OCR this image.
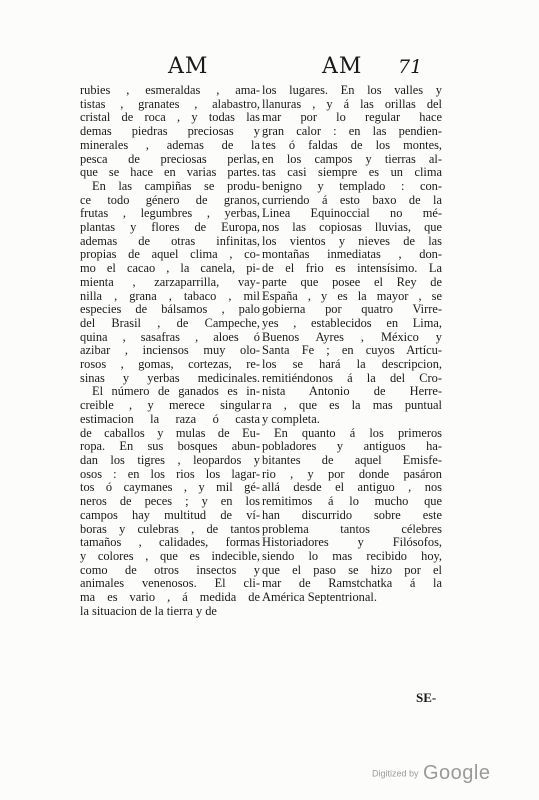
AM	AM 71
rubies , esmeraldas , ama-
tistas , granates , alabastro,
cristal de roca , y todas las
demas piedras preciosas y
minerales , ademas de la
pesca de preciosas perlas,
que se hace en varias partes.
En las campiñas se produ-
ce todo género de granos,
frutas , legumbres , yerbas,
plantas y flores de Europa,
ademas de otras infinitas,
propias de aquel clima , co-
mo el cacao , la canela, pi-
mienta , zarzaparrilla, vay-
nilla , grana , tabaco , mil
especies de bálsamos , palo
del Brasil , de Campeche,
quina , sasafras , aloes ó
azibar , inciensos muy olo-
rosos , gomas, cortezas, re-
sinas y yerbas medicinales.
El número de ganados es in-
creible , y merece singular
estimacion la raza ó casta
de caballos y mulas de Eu-
ropa. En sus bosques abun-
dan los tigres , leopardos y
osos : en los rios los lagar-
tos ó caymanes , y mil gé-
neros de peces ; y en los
campos hay multitud de ví-
boras y culebras , de tantos
tamaños , calidades, formas
y colores , que es indecible,
como de otros insectos y
animales venenosos. El cli-
ma es vario , á medida de
la situacion de la tierra y de
los lugares. En los valles y
llanuras , y á las orillas del
mar por lo regular hace
gran calor : en las pendien-
tes ó faldas de los montes,
en los campos y tierras al-
tas casi siempre es un clima
benigno y templado : con-
curriendo á esto baxo de la
Linea Equinoccial no mé-
nos las copiosas lluvias, que
los vientos y nieves de las
montañas inmediatas , don-
de el frio es intensísimo. La
parte que posee el Rey de
España , y es la mayor , se
gobierna por quatro Virre-
yes , establecidos en Lima,
Buenos Ayres , México y
Santa Fe ; en cuyos Artícu-
los se hará la descripcion,
remitiéndonos á la del Cro-
nista Antonio de Herre-
ra , que es la mas puntual
y completa.
En quanto á los primeros
pobladores y antiguos ha-
bitantes de aquel Emisfe-
rio , y por donde pasáron
allá desde el antiguo , nos
remitimos á lo mucho que
han discurrido sobre este
problema tantos célebres
Historiadores y Filósofos,
siendo lo mas recibido hoy,
que el paso se hizo por el
mar de Ramstchatka á la
América Septentrional.
SE-
Digitized by Google
